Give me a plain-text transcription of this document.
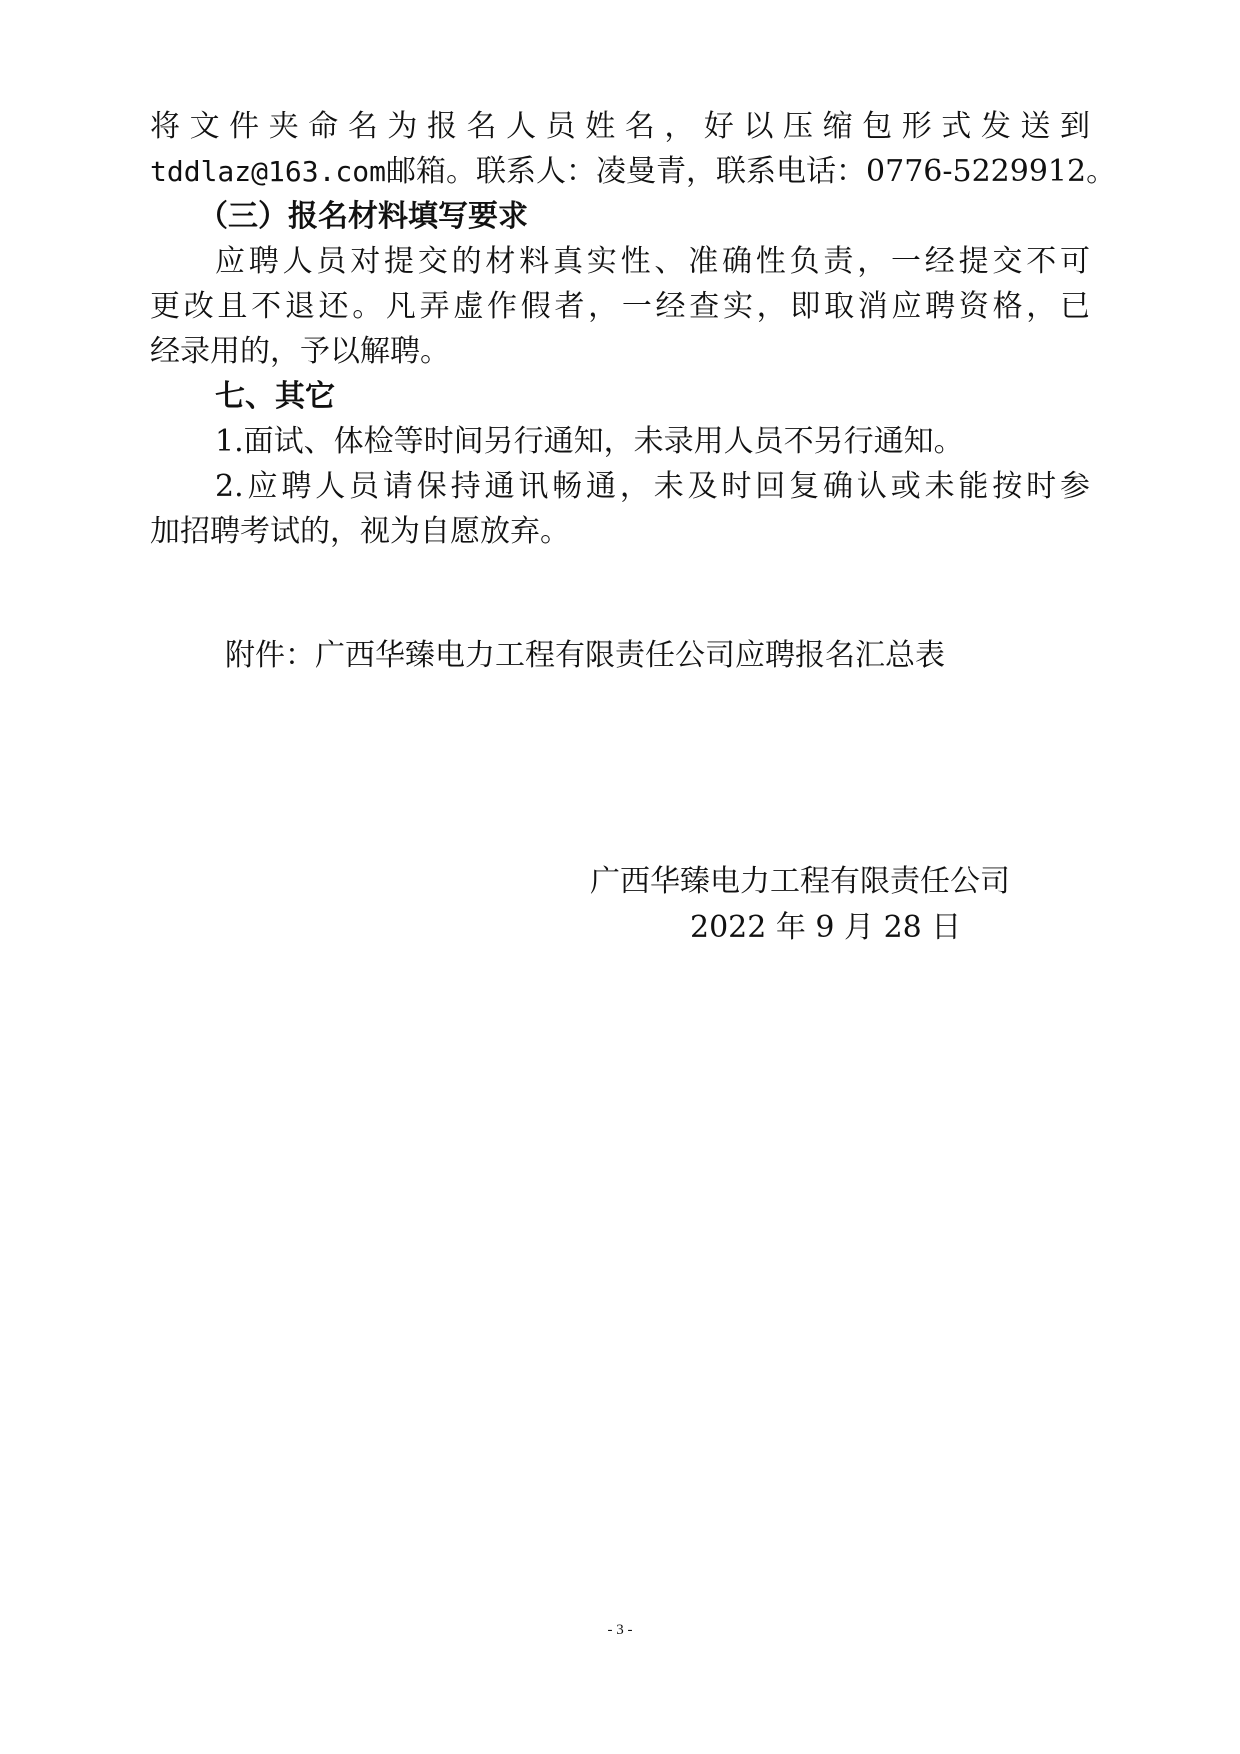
将文件夹命名为报名人员姓名，好以压缩包形式发送到
tddlaz@163.com邮箱。联系人：凌曼青，联系电话：0776-5229912。
（三）报名材料填写要求
应聘人员对提交的材料真实性、准确性负责，一经提交不可
更改且不退还。凡弄虚作假者，一经查实，即取消应聘资格，已
经录用的，予以解聘。
七、其它
1.面试、体检等时间另行通知，未录用人员不另行通知。
2.应聘人员请保持通讯畅通，未及时回复确认或未能按时参
加招聘考试的，视为自愿放弃。
附件：广西华臻电力工程有限责任公司应聘报名汇总表
广西华臻电力工程有限责任公司
2022 年 9 月 28 日
- 3 -
